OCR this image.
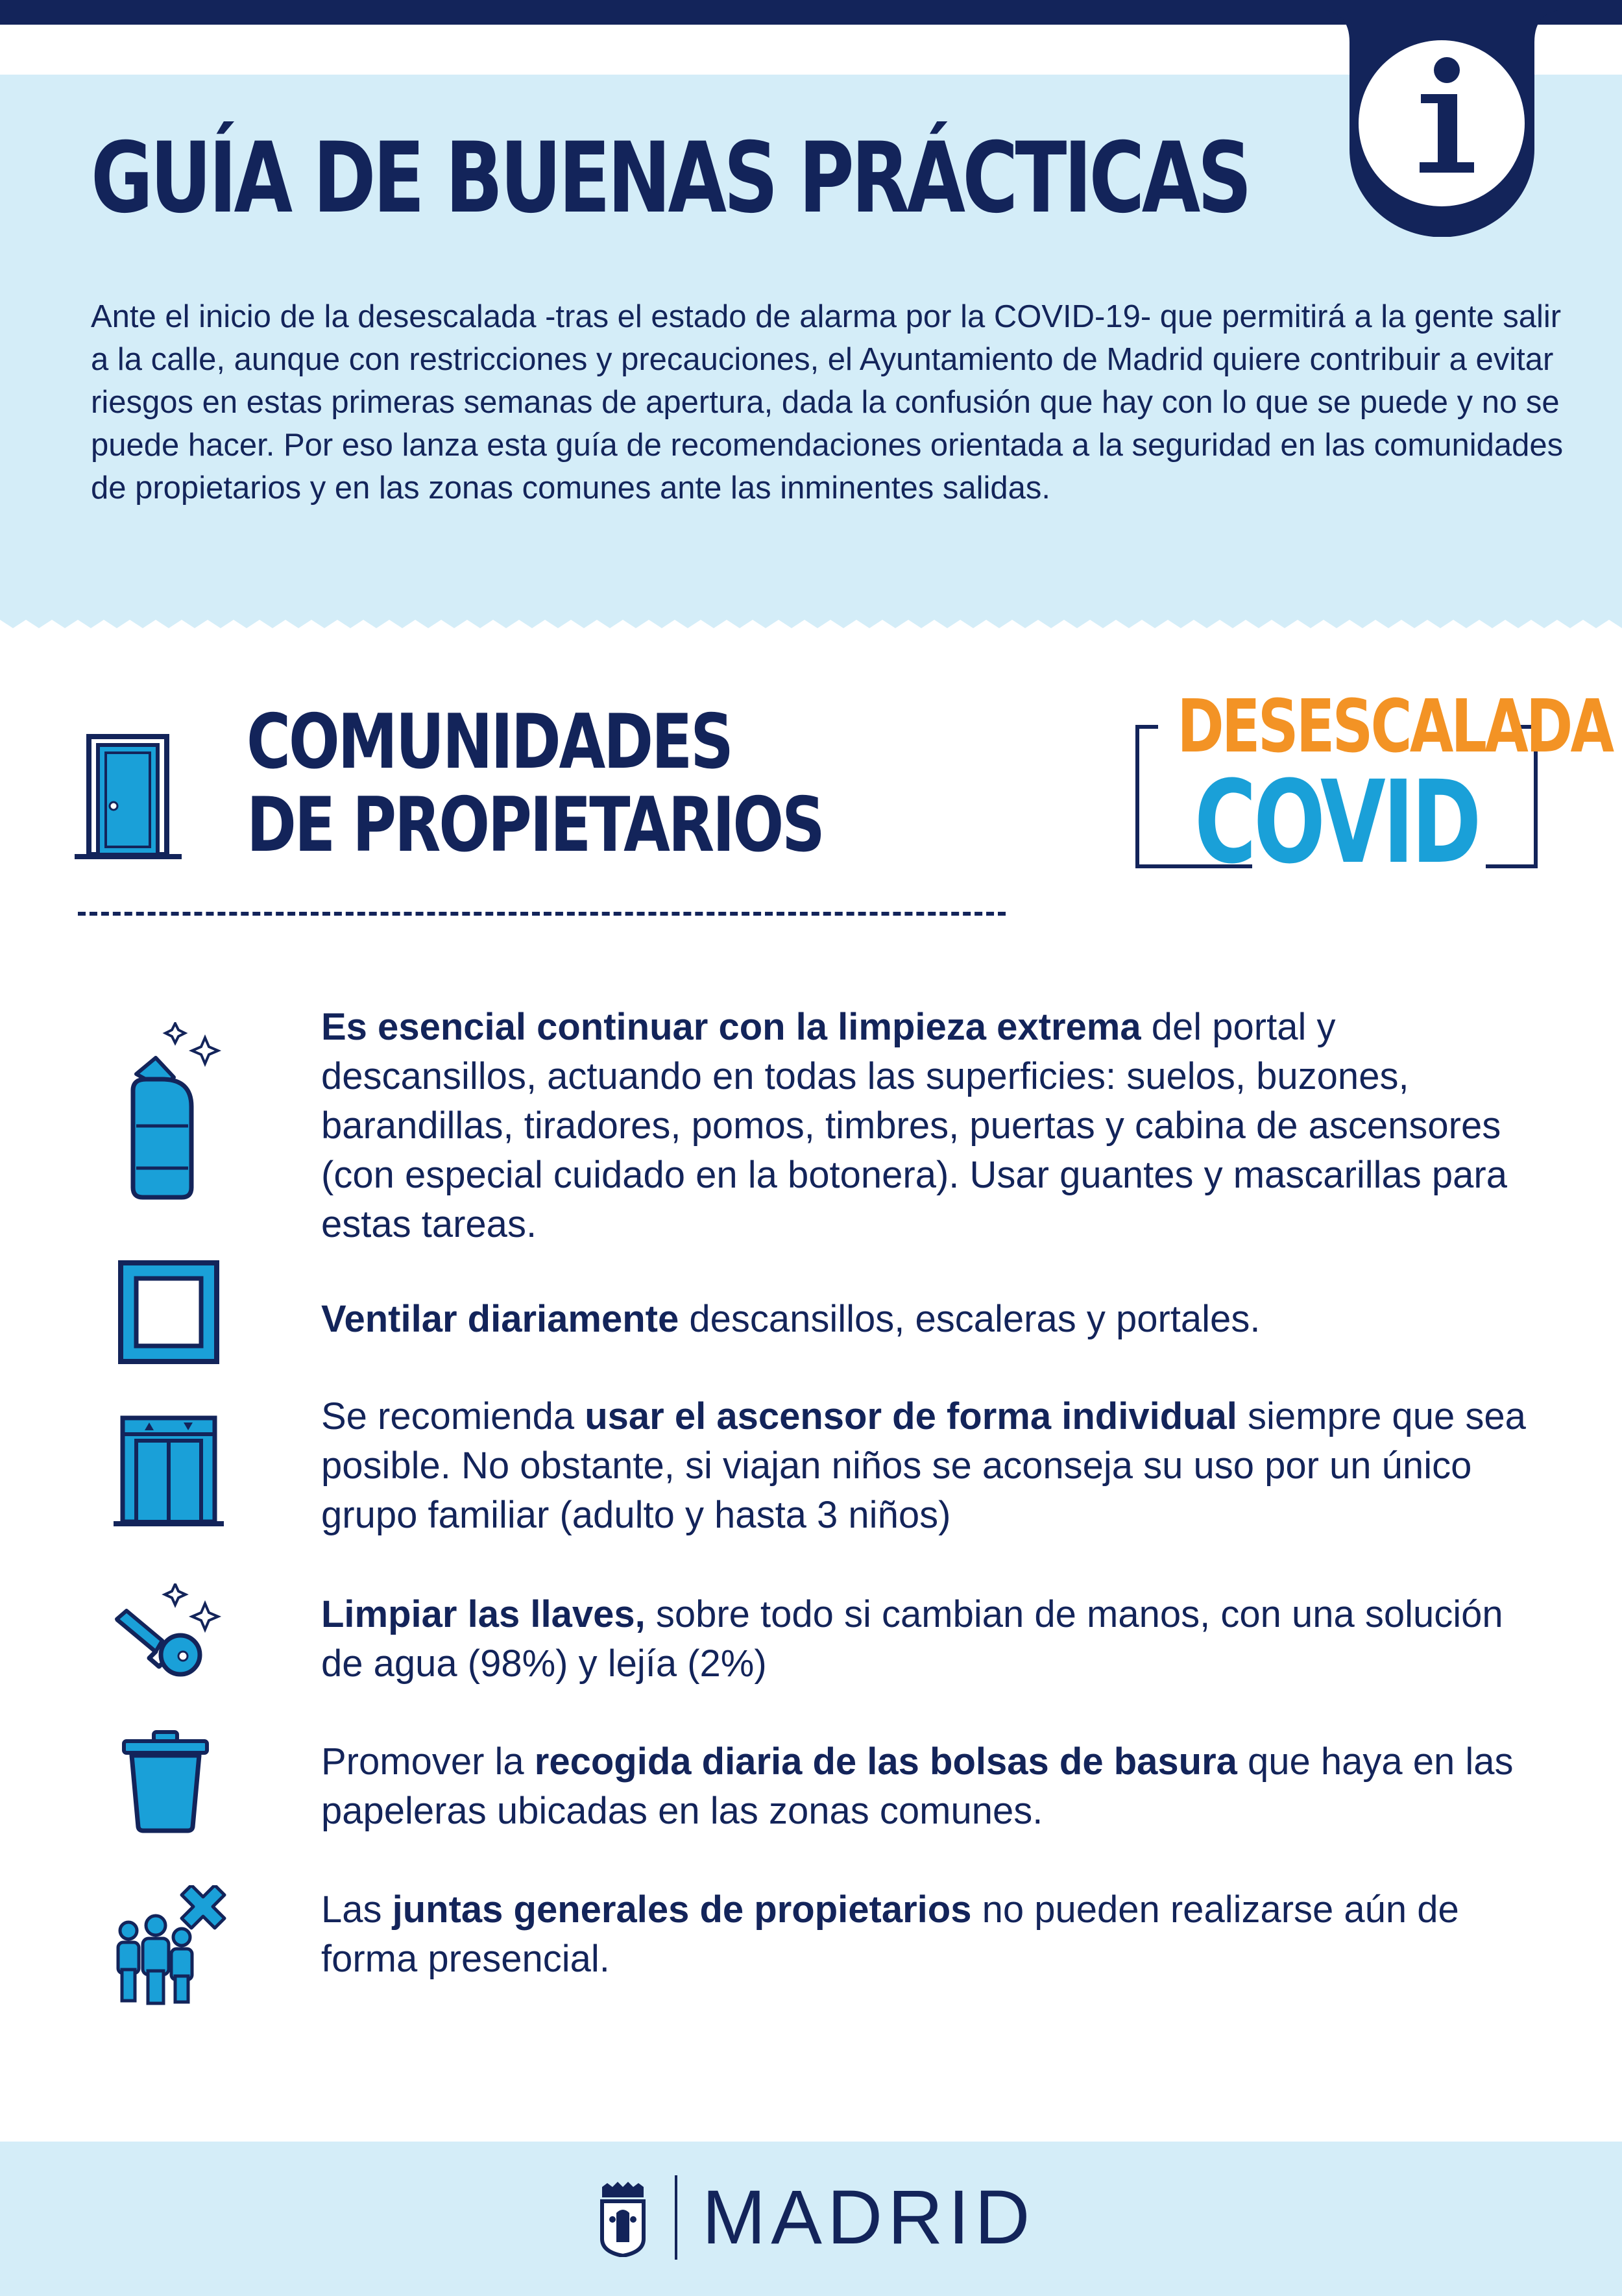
GUÍA DE BUENAS PRÁCTICAS

Ante el inicio de la desescalada -tras el estado de alarma por la COVID-19- que permitirá a la gente salir a la calle, aunque con restricciones y precauciones, el Ayuntamiento de Madrid quiere contribuir a evitar riesgos en estas primeras semanas de apertura, dada la confusión que hay con lo que se puede y no se puede hacer. Por eso lanza esta guía de recomendaciones orientada a la seguridad en las comunidades de propietarios y en las zonas comunes ante las inminentes salidas.

COMUNIDADES
DE PROPIETARIOS
DESESCALADA
COVID

Es esencial continuar con la limpieza extrema del portal y descansillos, actuando en todas las superficies: suelos, buzones, barandillas, tiradores, pomos, timbres, puertas y cabina de ascensores (con especial cuidado en la botonera). Usar guantes y mascarillas para estas tareas.

Ventilar diariamente descansillos, escaleras y portales.

Se recomienda usar el ascensor de forma individual siempre que sea posible. No obstante, si viajan niños se aconseja su uso por un único grupo familiar (adulto y hasta 3 niños)

Limpiar las llaves, sobre todo si cambian de manos, con una solución de agua (98%) y lejía (2%)

Promover la recogida diaria de las bolsas de basura que haya en las papeleras ubicadas en las zonas comunes.

Las juntas generales de propietarios no pueden realizarse aún de forma presencial.

MADRID
